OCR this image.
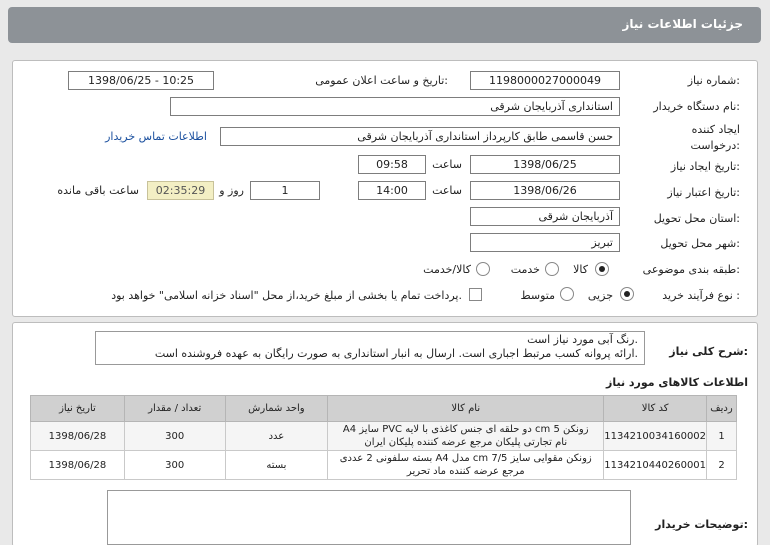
جزئیات اطلاعات نیاز
شماره نیاز:
1198000027000049
تاریخ و ساعت اعلان عمومی:
1398/06/25 - 10:25
نام دستگاه خریدار:
استانداری آذربایجان شرقی
ایجاد کننده درخواست:
حسن قاسمی طابق کارپرداز استانداری آذربایجان شرقی
اطلاعات تماس خریدار
تاریخ ایجاد نیاز:
1398/06/25
ساعت
09:58
تاریخ اعتبار نیاز:
1398/06/26
ساعت
14:00
1
روز و
02:35:29
ساعت باقی مانده
استان محل تحویل:
آذربایجان شرقی
شهر محل تحویل:
تبریز
طبقه بندی موضوعی:
کالا
خدمت
کالا/خدمت
نوع فرآیند خرید :
جزیی
متوسط
پرداخت تمام یا بخشی از مبلغ خرید،از محل "اسناد خزانه اسلامی" خواهد بود.
شرح کلی نیاز:
رنگ آبی مورد نیاز است.
ارائه پروانه کسب مرتبط اجباری است. ارسال به انبار استانداری به صورت رایگان به عهده فروشنده است.
اطلاعات کالاهای مورد نیاز
ردیف	کد کالا	نام کالا	واحد شمارش	تعداد / مقدار	تاریخ نیاز
1	1134210034160002	زونکن 5 cm دو حلقه ای جنس کاغذی با لایه PVC سایز A4
نام تجارتی پلیکان مرجع عرضه کننده پلیکان ایران	عدد	300	1398/06/28
2	1134210440260001	زونکن مقوایی سایز 7/5 cm مدل A4 بسته سلفونی 2 عددی
مرجع عرضه کننده ماد تحریر	بسته	300	1398/06/28
توضیحات خریدار:
